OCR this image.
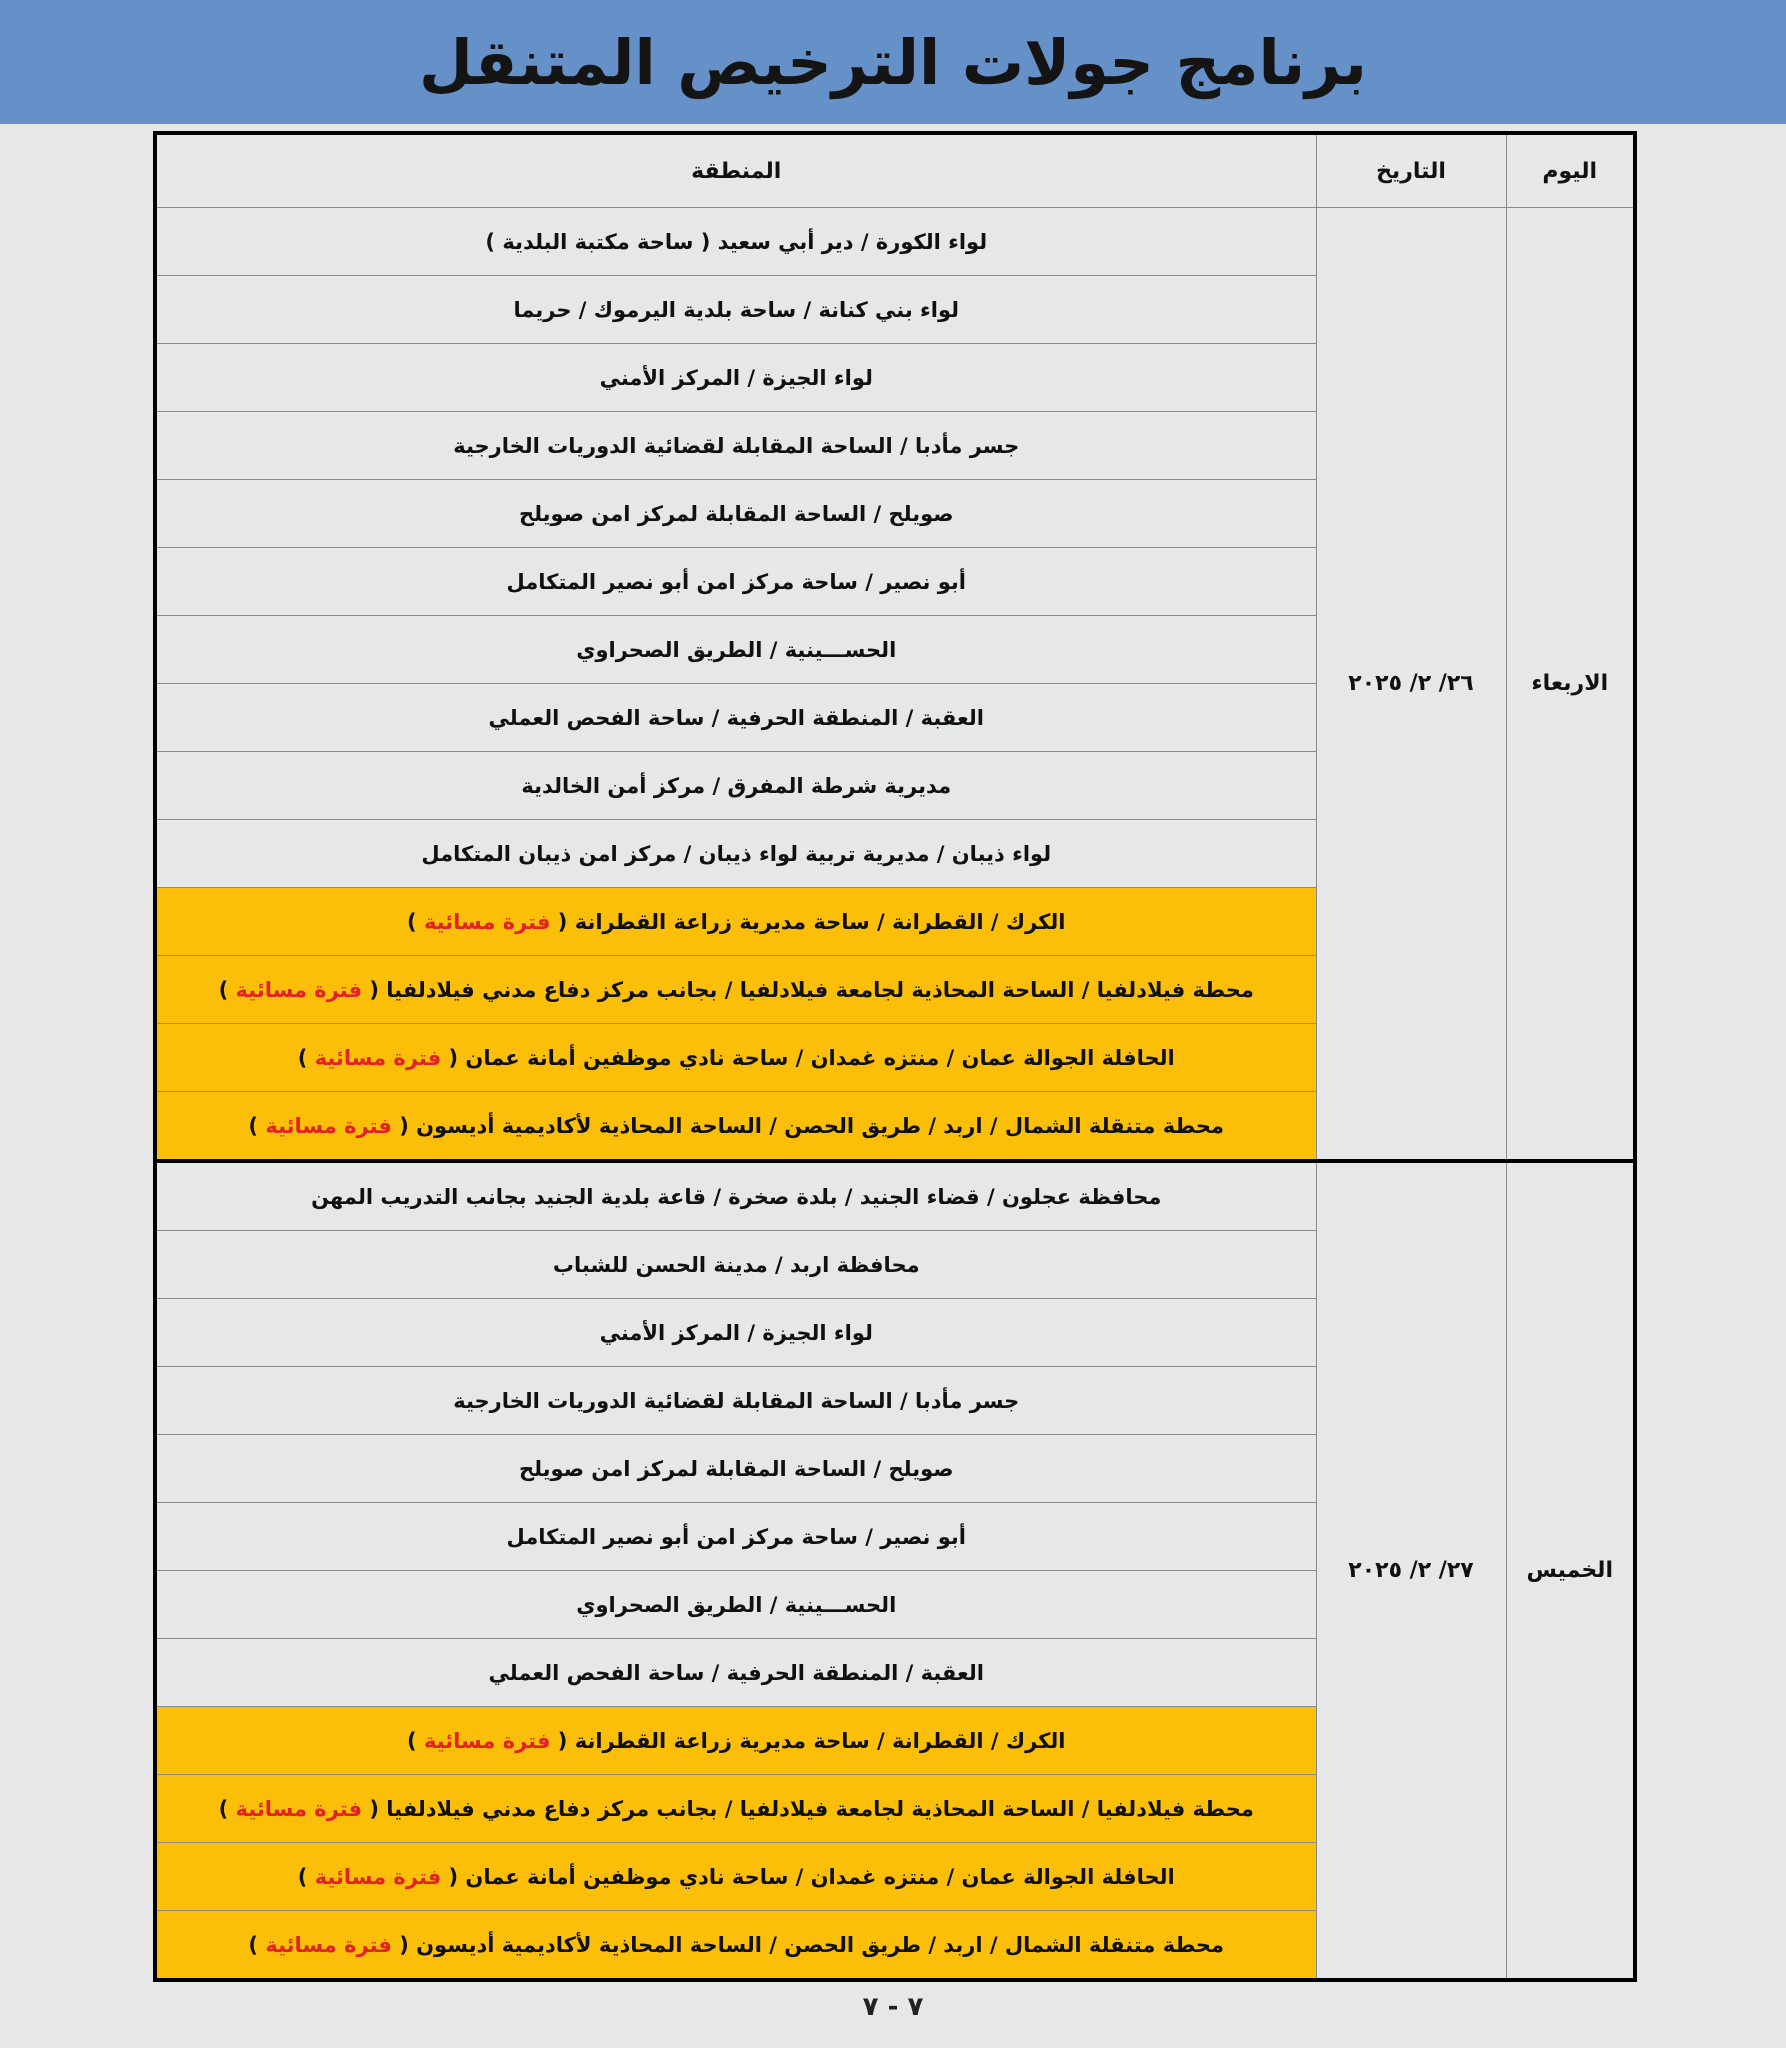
برنامج جولات الترخيص المتنقل
اليوم	التاريخ	المنطقة
الاربعاء	٢٦/ ٢/ ٢٠٢٥	لواء الكورة / دير أبي سعيد ( ساحة مكتبة البلدية )
		لواء بني كنانة / ساحة بلدية اليرموك / حريما
		لواء الجيزة / المركز الأمني
		جسر مأدبا / الساحة المقابلة لقضائية الدوريات الخارجية
		صويلح / الساحة المقابلة لمركز امن صويلح
		أبو نصير / ساحة مركز امن أبو نصير المتكامل
		الحســـينية / الطريق الصحراوي
		العقبة / المنطقة الحرفية / ساحة الفحص العملي
		مديرية شرطة المفرق / مركز أمن الخالدية
		لواء ذيبان / مديرية تربية لواء ذيبان / مركز امن ذيبان المتكامل
		الكرك / القطرانة / ساحة مديرية زراعة القطرانة ( فترة مسائية )
		محطة فيلادلفيا / الساحة المحاذية لجامعة فيلادلفيا / بجانب مركز دفاع مدني فيلادلفيا ( فترة مسائية )
		الحافلة الجوالة عمان / منتزه غمدان / ساحة نادي موظفين أمانة عمان ( فترة مسائية )
		محطة متنقلة الشمال / اربد / طريق الحصن / الساحة المحاذية لأكاديمية أديسون ( فترة مسائية )
الخميس	٢٧/ ٢/ ٢٠٢٥	محافظة عجلون / قضاء الجنيد / بلدة صخرة / قاعة بلدية الجنيد بجانب التدريب المهن
		محافظة اربد / مدينة الحسن للشباب
		لواء الجيزة / المركز الأمني
		جسر مأدبا / الساحة المقابلة لقضائية الدوريات الخارجية
		صويلح / الساحة المقابلة لمركز امن صويلح
		أبو نصير / ساحة مركز امن أبو نصير المتكامل
		الحســـينية / الطريق الصحراوي
		العقبة / المنطقة الحرفية / ساحة الفحص العملي
		الكرك / القطرانة / ساحة مديرية زراعة القطرانة ( فترة مسائية )
		محطة فيلادلفيا / الساحة المحاذية لجامعة فيلادلفيا / بجانب مركز دفاع مدني فيلادلفيا ( فترة مسائية )
		الحافلة الجوالة عمان / منتزه غمدان / ساحة نادي موظفين أمانة عمان ( فترة مسائية )
		محطة متنقلة الشمال / اربد / طريق الحصن / الساحة المحاذية لأكاديمية أديسون ( فترة مسائية )
٧ - ٧
